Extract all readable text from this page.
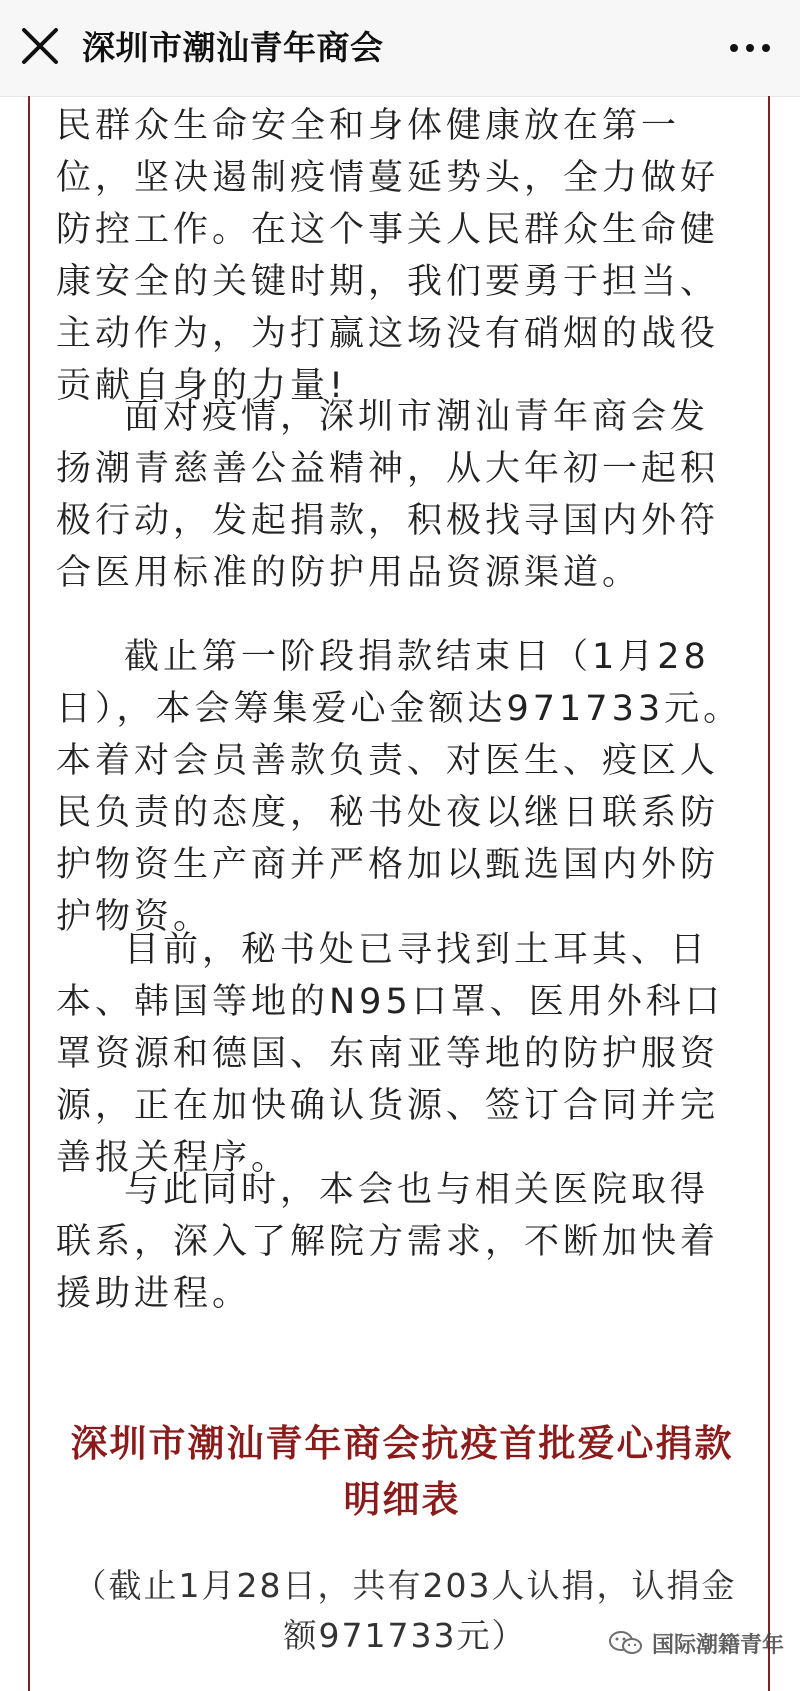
深圳市潮汕青年商会
民群众生命安全和身体健康放在第一位，坚决遏制疫情蔓延势头，全力做好防控工作。在这个事关人民群众生命健康安全的关键时期，我们要勇于担当、主动作为，为打赢这场没有硝烟的战役贡献自身的力量!
面对疫情，深圳市潮汕青年商会发扬潮青慈善公益精神，从大年初一起积极行动，发起捐款，积极找寻国内外符合医用标准的防护用品资源渠道。
截止第一阶段捐款结束日（1月28日），本会筹集爱心金额达971733元。本着对会员善款负责、对医生、疫区人民负责的态度，秘书处夜以继日联系防护物资生产商并严格加以甄选国内外防护物资。
目前，秘书处已寻找到土耳其、日本、韩国等地的N95口罩、医用外科口罩资源和德国、东南亚等地的防护服资源，正在加快确认货源、签订合同并完善报关程序。
与此同时，本会也与相关医院取得联系，深入了解院方需求，不断加快着援助进程。
深圳市潮汕青年商会抗疫首批爱心捐款明细表
（截止1月28日，共有203人认捐，认捐金额971733元）	国际潮籍青年
